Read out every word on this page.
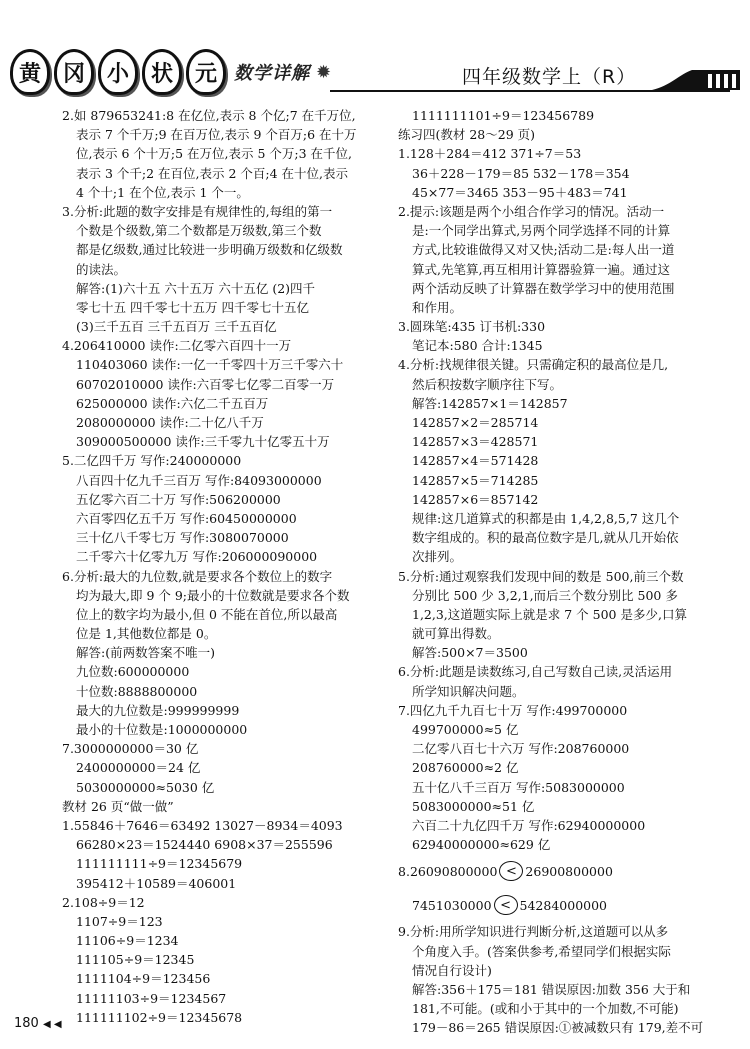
黄 冈 小 状 元 数学详解 ✹	四年级数学上（R）
2.如 879653241:8 在亿位,表示 8 个亿;7 在千万位,
表示 7 个千万;9 在百万位,表示 9 个百万;6 在十万
位,表示 6 个十万;5 在万位,表示 5 个万;3 在千位,
表示 3 个千;2 在百位,表示 2 个百;4 在十位,表示
4 个十;1 在个位,表示 1 个一。
3.分析:此题的数字安排是有规律性的,每组的第一
个数是个级数,第二个数都是万级数,第三个数
都是亿级数,通过比较进一步明确万级数和亿级数
的读法。
解答:(1)六十五 六十五万 六十五亿 (2)四千
零七十五 四千零七十五万 四千零七十五亿
(3)三千五百 三千五百万 三千五百亿
4.206410000 读作:二亿零六百四十一万
110403060 读作:一亿一千零四十万三千零六十
60702010000 读作:六百零七亿零二百零一万
625000000 读作:六亿二千五百万
2080000000 读作:二十亿八千万
309000500000 读作:三千零九十亿零五十万
5.二亿四千万 写作:240000000
八百四十亿九千三百万 写作:84093000000
五亿零六百二十万 写作:506200000
六百零四亿五千万 写作:60450000000
三十亿八千零七万 写作:3080070000
二千零六十亿零九万 写作:206000090000
6.分析:最大的九位数,就是要求各个数位上的数字
均为最大,即 9 个 9;最小的十位数就是要求各个数
位上的数字均为最小,但 0 不能在首位,所以最高
位是 1,其他数位都是 0。
解答:(前两数答案不唯一)
九位数:600000000
十位数:8888800000
最大的九位数是:999999999
最小的十位数是:1000000000
7.3000000000＝30 亿
2400000000＝24 亿
5030000000≈5030 亿
教材 26 页“做一做”
1.55846＋7646＝63492 13027－8934＝4093
66280×23＝1524440 6908×37＝255596
111111111÷9＝12345679
395412＋10589＝406001
2.108÷9＝12
1107÷9＝123
11106÷9＝1234
111105÷9＝12345
1111104÷9＝123456
11111103÷9＝1234567
111111102÷9＝12345678
1111111101÷9＝123456789
练习四(教材 28～29 页)
1.128＋284＝412 371÷7＝53
36＋228－179＝85 532－178＝354
45×77＝3465 353－95＋483＝741
2.提示:该题是两个小组合作学习的情况。活动一
是:一个同学出算式,另两个同学选择不同的计算
方式,比较谁做得又对又快;活动二是:每人出一道
算式,先笔算,再互相用计算器验算一遍。通过这
两个活动反映了计算器在数学学习中的使用范围
和作用。
3.圆珠笔:435 订书机:330
笔记本:580 合计:1345
4.分析:找规律很关键。只需确定积的最高位是几,
然后积按数字顺序往下写。
解答:142857×1＝142857
142857×2＝285714
142857×3＝428571
142857×4＝571428
142857×5＝714285
142857×6＝857142
规律:这几道算式的积都是由 1,4,2,8,5,7 这几个
数字组成的。积的最高位数字是几,就从几开始依
次排列。
5.分析:通过观察我们发现中间的数是 500,前三个数
分别比 500 少 3,2,1,而后三个数分别比 500 多
1,2,3,这道题实际上就是求 7 个 500 是多少,口算
就可算出得数。
解答:500×7＝3500
6.分析:此题是读数练习,自己写数自己读,灵活运用
所学知识解决问题。
7.四亿九千九百七十万 写作:499700000
499700000≈5 亿
二亿零八百七十六万 写作:208760000
208760000≈2 亿
五十亿八千三百万 写作:5083000000
5083000000≈51 亿
六百二十九亿四千万 写作:62940000000
62940000000≈629 亿
8. 26090800000 < 26900800000
7451030000 < 54284000000
9.分析:用所学知识进行判断分析,这道题可以从多
个角度入手。(答案供参考,希望同学们根据实际
情况自行设计)
解答:356＋175＝181 错误原因:加数 356 大于和
181,不可能。(或和小于其中的一个加数,不可能)
179－86＝265 错误原因:①被减数只有 179,差不可
180 ◀ ◀
